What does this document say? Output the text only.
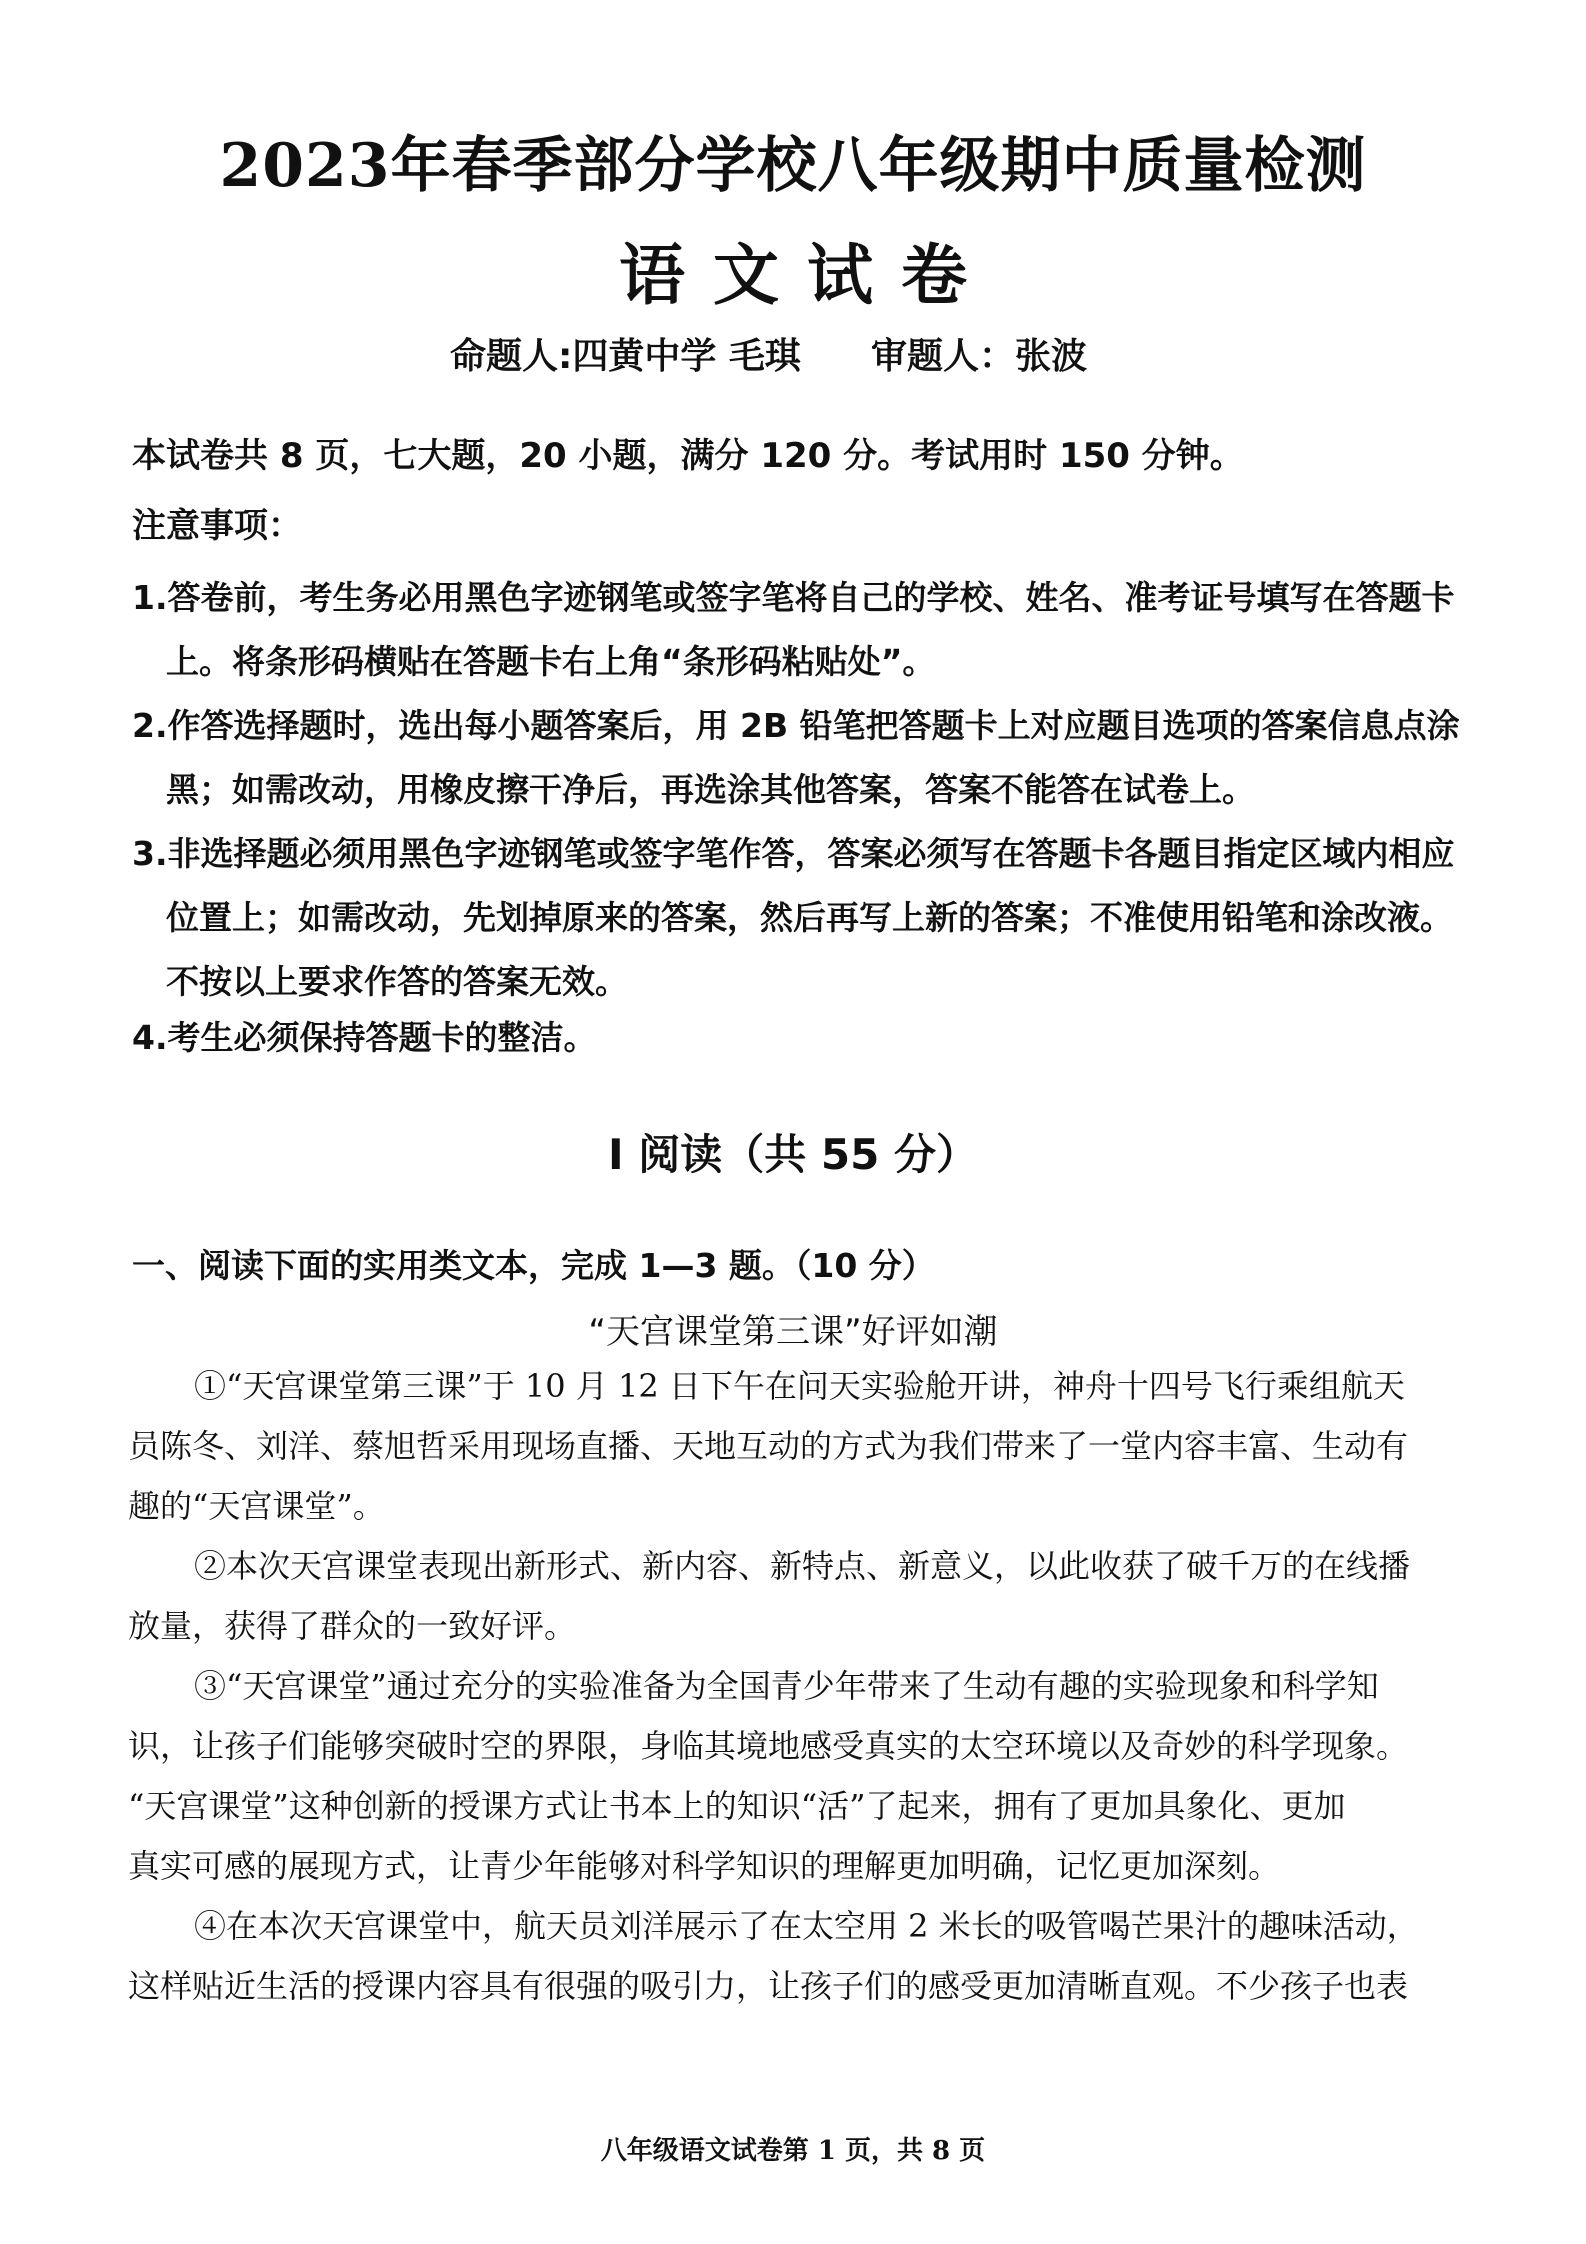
2023年春季部分学校八年级期中质量检测
语文试卷
命题人:四黄中学 毛琪 审题人：张波
本试卷共 8 页，七大题，20 小题，满分 120 分。考试用时 150 分钟。
注意事项：
1.答卷前，考生务必用黑色字迹钢笔或签字笔将自己的学校、姓名、准考证号填写在答题卡
上。将条形码横贴在答题卡右上角“条形码粘贴处”。
2.作答选择题时，选出每小题答案后，用 2B 铅笔把答题卡上对应题目选项的答案信息点涂
黑；如需改动，用橡皮擦干净后，再选涂其他答案，答案不能答在试卷上。
3.非选择题必须用黑色字迹钢笔或签字笔作答，答案必须写在答题卡各题目指定区域内相应
位置上；如需改动，先划掉原来的答案，然后再写上新的答案；不准使用铅笔和涂改液。
不按以上要求作答的答案无效。
4.考生必须保持答题卡的整洁。
I 阅读（共 55 分）
一、阅读下面的实用类文本，完成 1—3 题。（10 分）
“天宫课堂第三课”好评如潮
①“天宫课堂第三课”于 10 月 12 日下午在问天实验舱开讲，神舟十四号飞行乘组航天
员陈冬、刘洋、蔡旭哲采用现场直播、天地互动的方式为我们带来了一堂内容丰富、生动有
趣的“天宫课堂”。
②本次天宫课堂表现出新形式、新内容、新特点、新意义，以此收获了破千万的在线播
放量，获得了群众的一致好评。
③“天宫课堂”通过充分的实验准备为全国青少年带来了生动有趣的实验现象和科学知
识，让孩子们能够突破时空的界限，身临其境地感受真实的太空环境以及奇妙的科学现象。
“天宫课堂”这种创新的授课方式让书本上的知识“活”了起来，拥有了更加具象化、更加
真实可感的展现方式，让青少年能够对科学知识的理解更加明确，记忆更加深刻。
④在本次天宫课堂中，航天员刘洋展示了在太空用 2 米长的吸管喝芒果汁的趣味活动，
这样贴近生活的授课内容具有很强的吸引力，让孩子们的感受更加清晰直观。不少孩子也表
八年级语文试卷第 1 页，共 8 页
